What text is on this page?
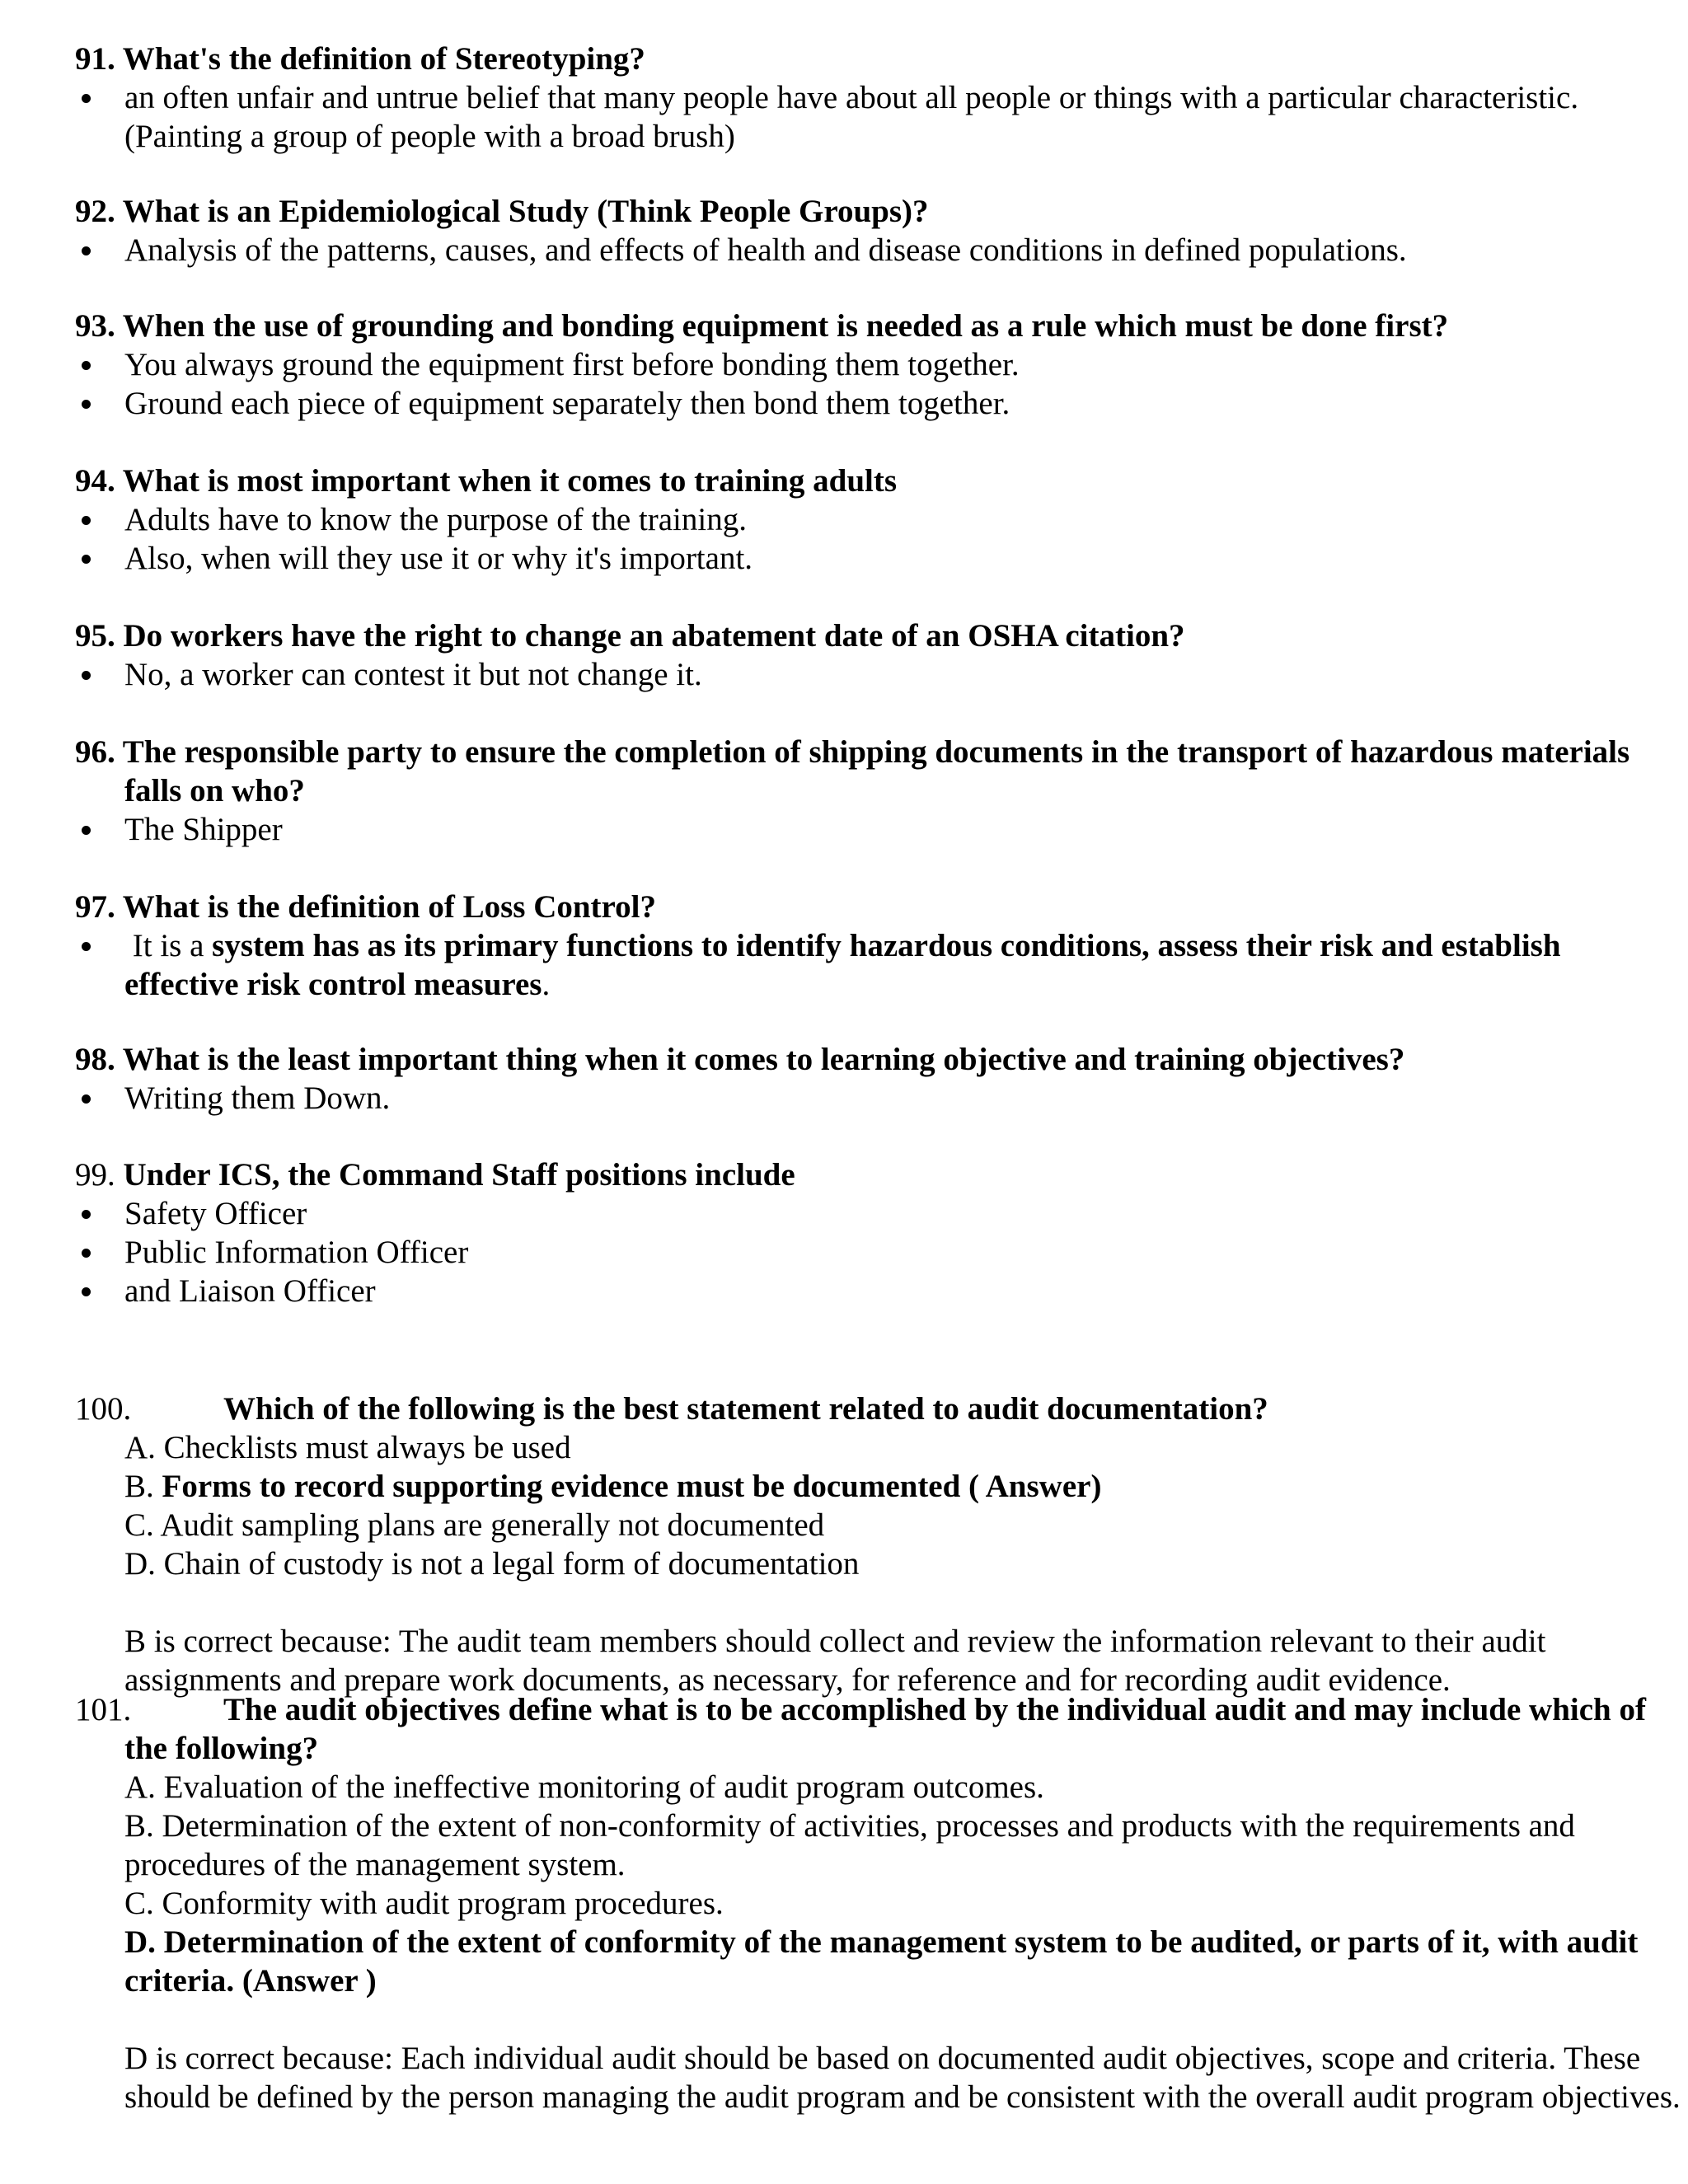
91. What's the definition of Stereotyping?

an often unfair and untrue belief that many people have about all people or things with a particular characteristic. (Painting a group of people with a broad brush)

92. What is an Epidemiological Study (Think People Groups)?

Analysis of the patterns, causes, and effects of health and disease conditions in defined populations.

93. When the use of grounding and bonding equipment is needed as a rule which must be done first?

You always ground the equipment first before bonding them together.
Ground each piece of equipment separately then bond them together.

94. What is most important when it comes to training adults

Adults have to know the purpose of the training.
Also, when will they use it or why it's important.

95. Do workers have the right to change an abatement date of an OSHA citation?

No, a worker can contest it but not change it.

96. The responsible party to ensure the completion of shipping documents in the transport of hazardous materials falls on who?

The Shipper

97. What is the definition of Loss Control?

It is a system has as its primary functions to identify hazardous conditions, assess their risk and establish effective risk control measures.

98. What is the least important thing when it comes to learning objective and training objectives?

Writing them Down.

99. Under ICS, the Command Staff positions include

Safety Officer
Public Information Officer
and Liaison Officer

100.	Which of the following is the best statement related to audit documentation?

A. Checklists must always be used

B. Forms to record supporting evidence must be documented ( Answer)

C. Audit sampling plans are generally not documented

D. Chain of custody is not a legal form of documentation

B is correct because: The audit team members should collect and review the information relevant to their audit assignments and prepare work documents, as necessary, for reference and for recording audit evidence.

101.	The audit objectives define what is to be accomplished by the individual audit and may include which of the following?

A. Evaluation of the ineffective monitoring of audit program outcomes.

B. Determination of the extent of non-conformity of activities, processes and products with the requirements and procedures of the management system.

C. Conformity with audit program procedures.

D. Determination of the extent of conformity of the management system to be audited, or parts of it, with audit criteria. (Answer )

D is correct because: Each individual audit should be based on documented audit objectives, scope and criteria. These should be defined by the person managing the audit program and be consistent with the overall audit program objectives.
